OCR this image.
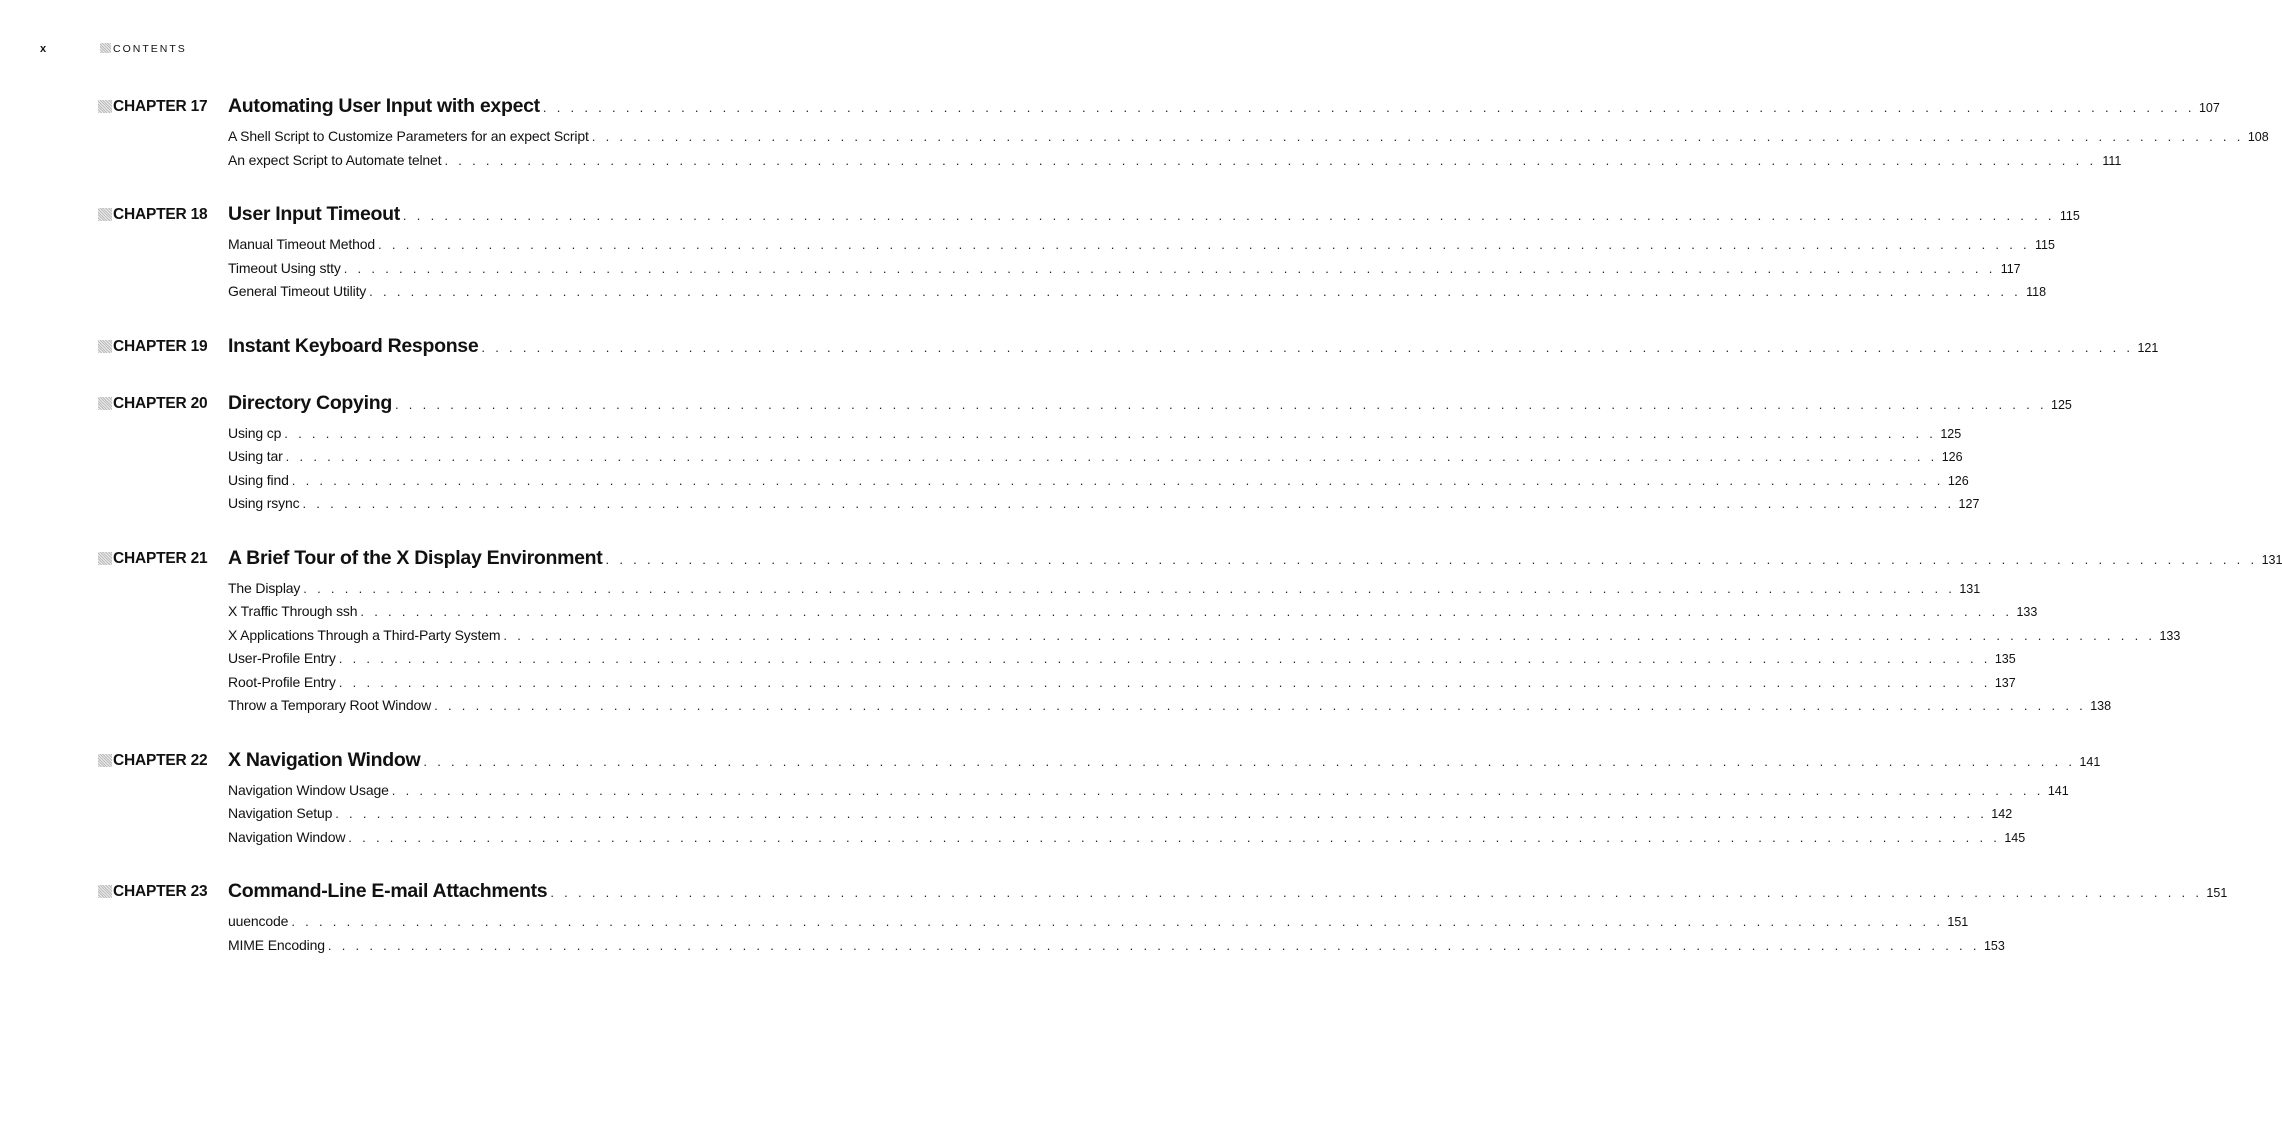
x	CONTENTS
CHAPTER 17	Automating User Input with expect . . . . . . . . . . . . . . . . . . . . . . . . . . . . . . . . . . . . . . . . . . . . . . . . . . . . . . . . . . . . . . . . . . . . . . . . . . . . . . . . . . . . . . . . . . . . . . . . . . . . . . . . . . . . . . . . . . . . . . . . 107
A Shell Script to Customize Parameters for an expect Script . . . . . . . . . . . . . . . . . . . . . . . . . . . . . . . . . . . . . . . . . . . . . . . . . . . . . . . . . . . . . . . . . . . . . . . . . . . . . . . . . . . . . . . . . . . . . . . . . . . . . . . . . . . . . . . . . . . . . . . . 108
An expect Script to Automate telnet . . . . . . . . . . . . . . . . . . . . . . . . . . . . . . . . . . . . . . . . . . . . . . . . . . . . . . . . . . . . . . . . . . . . . . . . . . . . . . . . . . . . . . . . . . . . . . . . . . . . . . . . . . . . . . . . . . . . . . . . 111
CHAPTER 18	User Input Timeout . . . . . . . . . . . . . . . . . . . . . . . . . . . . . . . . . . . . . . . . . . . . . . . . . . . . . . . . . . . . . . . . . . . . . . . . . . . . . . . . . . . . . . . . . . . . . . . . . . . . . . . . . . . . . . . . . . . . . . . . 115
Manual Timeout Method . . . . . . . . . . . . . . . . . . . . . . . . . . . . . . . . . . . . . . . . . . . . . . . . . . . . . . . . . . . . . . . . . . . . . . . . . . . . . . . . . . . . . . . . . . . . . . . . . . . . . . . . . . . . . . . . . . . . . . . . 115
Timeout Using stty . . . . . . . . . . . . . . . . . . . . . . . . . . . . . . . . . . . . . . . . . . . . . . . . . . . . . . . . . . . . . . . . . . . . . . . . . . . . . . . . . . . . . . . . . . . . . . . . . . . . . . . . . . . . . . . . . . . . . . . . 117
General Timeout Utility . . . . . . . . . . . . . . . . . . . . . . . . . . . . . . . . . . . . . . . . . . . . . . . . . . . . . . . . . . . . . . . . . . . . . . . . . . . . . . . . . . . . . . . . . . . . . . . . . . . . . . . . . . . . . . . . . . . . . . . . 118
CHAPTER 19	Instant Keyboard Response . . . . . . . . . . . . . . . . . . . . . . . . . . . . . . . . . . . . . . . . . . . . . . . . . . . . . . . . . . . . . . . . . . . . . . . . . . . . . . . . . . . . . . . . . . . . . . . . . . . . . . . . . . . . . . . . . . . . . . . . 121
CHAPTER 20	Directory Copying . . . . . . . . . . . . . . . . . . . . . . . . . . . . . . . . . . . . . . . . . . . . . . . . . . . . . . . . . . . . . . . . . . . . . . . . . . . . . . . . . . . . . . . . . . . . . . . . . . . . . . . . . . . . . . . . . . . . . . . . 125
Using cp . . . . . . . . . . . . . . . . . . . . . . . . . . . . . . . . . . . . . . . . . . . . . . . . . . . . . . . . . . . . . . . . . . . . . . . . . . . . . . . . . . . . . . . . . . . . . . . . . . . . . . . . . . . . . . . . . . . . . . . . 125
Using tar . . . . . . . . . . . . . . . . . . . . . . . . . . . . . . . . . . . . . . . . . . . . . . . . . . . . . . . . . . . . . . . . . . . . . . . . . . . . . . . . . . . . . . . . . . . . . . . . . . . . . . . . . . . . . . . . . . . . . . . . 126
Using find . . . . . . . . . . . . . . . . . . . . . . . . . . . . . . . . . . . . . . . . . . . . . . . . . . . . . . . . . . . . . . . . . . . . . . . . . . . . . . . . . . . . . . . . . . . . . . . . . . . . . . . . . . . . . . . . . . . . . . . . 126
Using rsync . . . . . . . . . . . . . . . . . . . . . . . . . . . . . . . . . . . . . . . . . . . . . . . . . . . . . . . . . . . . . . . . . . . . . . . . . . . . . . . . . . . . . . . . . . . . . . . . . . . . . . . . . . . . . . . . . . . . . . . . 127
CHAPTER 21	A Brief Tour of the X Display Environment . . . . . . . . . . . . . . . . . . . . . . . . . . . . . . . . . . . . . . . . . . . . . . . . . . . . . . . . . . . . . . . . . . . . . . . . . . . . . . . . . . . . . . . . . . . . . . . . . . . . . . . . . . . . . . . . . . . . . . . . 131
The Display . . . . . . . . . . . . . . . . . . . . . . . . . . . . . . . . . . . . . . . . . . . . . . . . . . . . . . . . . . . . . . . . . . . . . . . . . . . . . . . . . . . . . . . . . . . . . . . . . . . . . . . . . . . . . . . . . . . . . . . . 131
X Traffic Through ssh . . . . . . . . . . . . . . . . . . . . . . . . . . . . . . . . . . . . . . . . . . . . . . . . . . . . . . . . . . . . . . . . . . . . . . . . . . . . . . . . . . . . . . . . . . . . . . . . . . . . . . . . . . . . . . . . . . . . . . . . 133
X Applications Through a Third-Party System . . . . . . . . . . . . . . . . . . . . . . . . . . . . . . . . . . . . . . . . . . . . . . . . . . . . . . . . . . . . . . . . . . . . . . . . . . . . . . . . . . . . . . . . . . . . . . . . . . . . . . . . . . . . . . . . . . . . . . . . 133
User-Profile Entry . . . . . . . . . . . . . . . . . . . . . . . . . . . . . . . . . . . . . . . . . . . . . . . . . . . . . . . . . . . . . . . . . . . . . . . . . . . . . . . . . . . . . . . . . . . . . . . . . . . . . . . . . . . . . . . . . . . . . . . . 135
Root-Profile Entry . . . . . . . . . . . . . . . . . . . . . . . . . . . . . . . . . . . . . . . . . . . . . . . . . . . . . . . . . . . . . . . . . . . . . . . . . . . . . . . . . . . . . . . . . . . . . . . . . . . . . . . . . . . . . . . . . . . . . . . . 137
Throw a Temporary Root Window . . . . . . . . . . . . . . . . . . . . . . . . . . . . . . . . . . . . . . . . . . . . . . . . . . . . . . . . . . . . . . . . . . . . . . . . . . . . . . . . . . . . . . . . . . . . . . . . . . . . . . . . . . . . . . . . . . . . . . . . 138
CHAPTER 22	X Navigation Window . . . . . . . . . . . . . . . . . . . . . . . . . . . . . . . . . . . . . . . . . . . . . . . . . . . . . . . . . . . . . . . . . . . . . . . . . . . . . . . . . . . . . . . . . . . . . . . . . . . . . . . . . . . . . . . . . . . . . . . . 141
Navigation Window Usage . . . . . . . . . . . . . . . . . . . . . . . . . . . . . . . . . . . . . . . . . . . . . . . . . . . . . . . . . . . . . . . . . . . . . . . . . . . . . . . . . . . . . . . . . . . . . . . . . . . . . . . . . . . . . . . . . . . . . . . . 141
Navigation Setup . . . . . . . . . . . . . . . . . . . . . . . . . . . . . . . . . . . . . . . . . . . . . . . . . . . . . . . . . . . . . . . . . . . . . . . . . . . . . . . . . . . . . . . . . . . . . . . . . . . . . . . . . . . . . . . . . . . . . . . . 142
Navigation Window . . . . . . . . . . . . . . . . . . . . . . . . . . . . . . . . . . . . . . . . . . . . . . . . . . . . . . . . . . . . . . . . . . . . . . . . . . . . . . . . . . . . . . . . . . . . . . . . . . . . . . . . . . . . . . . . . . . . . . . . 145
CHAPTER 23	Command-Line E-mail Attachments . . . . . . . . . . . . . . . . . . . . . . . . . . . . . . . . . . . . . . . . . . . . . . . . . . . . . . . . . . . . . . . . . . . . . . . . . . . . . . . . . . . . . . . . . . . . . . . . . . . . . . . . . . . . . . . . . . . . . . . . 151
uuencode . . . . . . . . . . . . . . . . . . . . . . . . . . . . . . . . . . . . . . . . . . . . . . . . . . . . . . . . . . . . . . . . . . . . . . . . . . . . . . . . . . . . . . . . . . . . . . . . . . . . . . . . . . . . . . . . . . . . . . . . 151
MIME Encoding . . . . . . . . . . . . . . . . . . . . . . . . . . . . . . . . . . . . . . . . . . . . . . . . . . . . . . . . . . . . . . . . . . . . . . . . . . . . . . . . . . . . . . . . . . . . . . . . . . . . . . . . . . . . . . . . . . . . . . . . 153
